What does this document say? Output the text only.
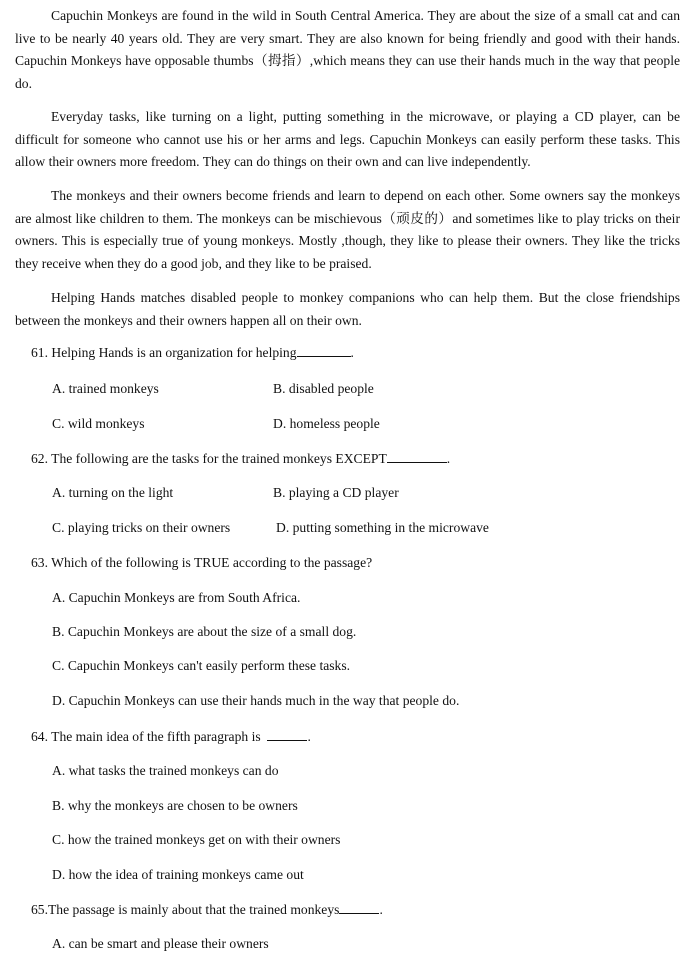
Capuchin Monkeys are found in the wild in South Central America. They are about the size of a small cat and can live to be nearly 40 years old. They are very smart. They are also known for being friendly and good with their hands. Capuchin Monkeys have opposable thumbs（拇指）,which means they can use their hands much in the way that people do.

Everyday tasks, like turning on a light, putting something in the microwave, or playing a CD player, can be difficult for someone who cannot use his or her arms and legs. Capuchin Monkeys can easily perform these tasks. This allow their owners more freedom. They can do things on their own and can live independently.

The monkeys and their owners become friends and learn to depend on each other. Some owners say the monkeys are almost like children to them. The monkeys can be mischievous（顽皮的）and sometimes like to play tricks on their owners. This is especially true of young monkeys. Mostly ,though, they like to please their owners. They like the tricks they receive when they do a good job, and they like to be praised.

Helping Hands matches disabled people to monkey companions who can help them. But the close friendships between the monkeys and their owners happen all on their own.

61. Helping Hands is an organization for helping	.
A. trained monkeys	B. disabled people
C. wild monkeys	D. homeless people
62. The following are the tasks for the trained monkeys EXCEPT	.
A. turning on the light	B. playing a CD player
C. playing tricks on their owners	D. putting something in the microwave
63. Which of the following is TRUE according to the passage?
A. Capuchin Monkeys are from South Africa.
B. Capuchin Monkeys are about the size of a small dog.
C. Capuchin Monkeys can't easily perform these tasks.
D. Capuchin Monkeys can use their hands much in the way that people do.
64. The main idea of the fifth paragraph is	.
A. what tasks the trained monkeys can do
B. why the monkeys are chosen to be owners
C. how the trained monkeys get on with their owners
D. how the idea of training monkeys came out
65.The passage is mainly about that the trained monkeys	.
A. can be smart and please their owners
